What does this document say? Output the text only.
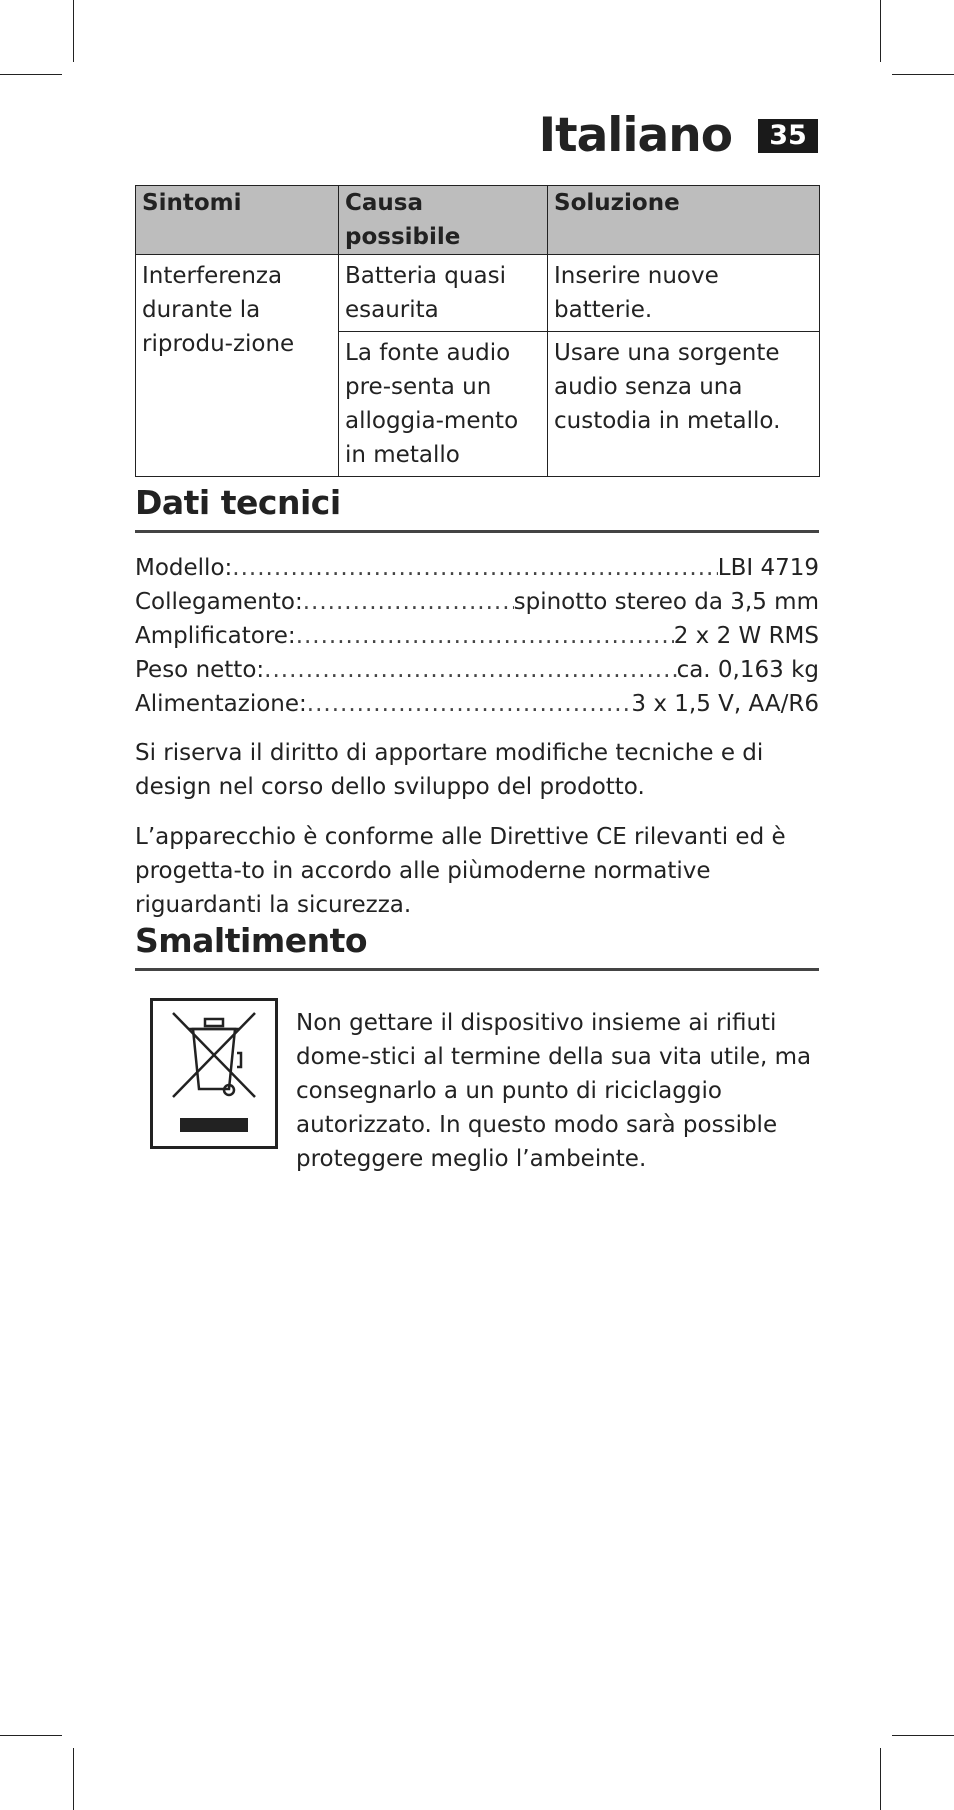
Italiano	35
Sintomi	Causa possibile	Soluzione
Interferenza durante la riprodu-zione	Batteria quasi esaurita	Inserire nuove batterie.
	La fonte audio pre-senta un alloggia-mento in metallo	Usare una sorgente audio senza una custodia in metallo.
Dati tecnici
Modello: .....	LBI 4719
Collegamento: .....	spinotto stereo da 3,5 mm
Amplificatore: .....	2 x 2 W RMS
Peso netto: .....	ca. 0,163 kg
Alimentazione: .....	3 x 1,5 V, AA/R6
Si riserva il diritto di apportare modifiche tecniche e di design nel corso dello sviluppo del prodotto.
L’apparecchio è conforme alle Direttive CE rilevanti ed è progetta-to in accordo alle piùmoderne normative riguardanti la sicurezza.
Smaltimento
Non gettare il dispositivo insieme ai rifiuti dome-stici al termine della sua vita utile, ma consegnarlo a un punto di riciclaggio autorizzato. In questo modo sarà possible proteggere meglio l’ambeinte.
